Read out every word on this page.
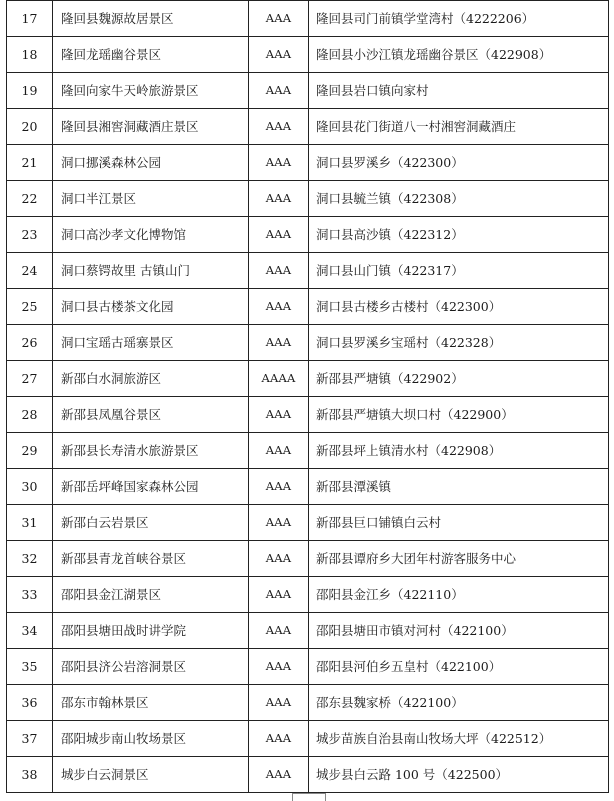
17	隆回县魏源故居景区	AAA	隆回县司门前镇学堂湾村（4222206）
18	隆回龙瑶幽谷景区	AAA	隆回县小沙江镇龙瑶幽谷景区（422908）
19	隆回向家牛天岭旅游景区	AAA	隆回县岩口镇向家村
20	隆回县湘窖洞藏酒庄景区	AAA	隆回县花门街道八一村湘窖洞藏酒庄
21	洞口挪溪森林公园	AAA	洞口县罗溪乡（422300）
22	洞口半江景区	AAA	洞口县毓兰镇（422308）
23	洞口高沙孝文化博物馆	AAA	洞口县高沙镇（422312）
24	洞口蔡锷故里 古镇山门	AAA	洞口县山门镇（422317）
25	洞口县古楼茶文化园	AAA	洞口县古楼乡古楼村（422300）
26	洞口宝瑶古瑶寨景区	AAA	洞口县罗溪乡宝瑶村（422328）
27	新邵白水洞旅游区	AAAA	新邵县严塘镇（422902）
28	新邵县凤凰谷景区	AAA	新邵县严塘镇大坝口村（422900）
29	新邵县长寿清水旅游景区	AAA	新邵县坪上镇清水村（422908）
30	新邵岳坪峰国家森林公园	AAA	新邵县潭溪镇
31	新邵白云岩景区	AAA	新邵县巨口铺镇白云村
32	新邵县青龙首峡谷景区	AAA	新邵县谭府乡大团年村游客服务中心
33	邵阳县金江湖景区	AAA	邵阳县金江乡（422110）
34	邵阳县塘田战时讲学院	AAA	邵阳县塘田市镇对河村（422100）
35	邵阳县济公岩溶洞景区	AAA	邵阳县河伯乡五皇村（422100）
36	邵东市翰林景区	AAA	邵东县魏家桥（422100）
37	邵阳城步南山牧场景区	AAA	城步苗族自治县南山牧场大坪（422512）
38	城步白云洞景区	AAA	城步县白云路 100 号（422500）
